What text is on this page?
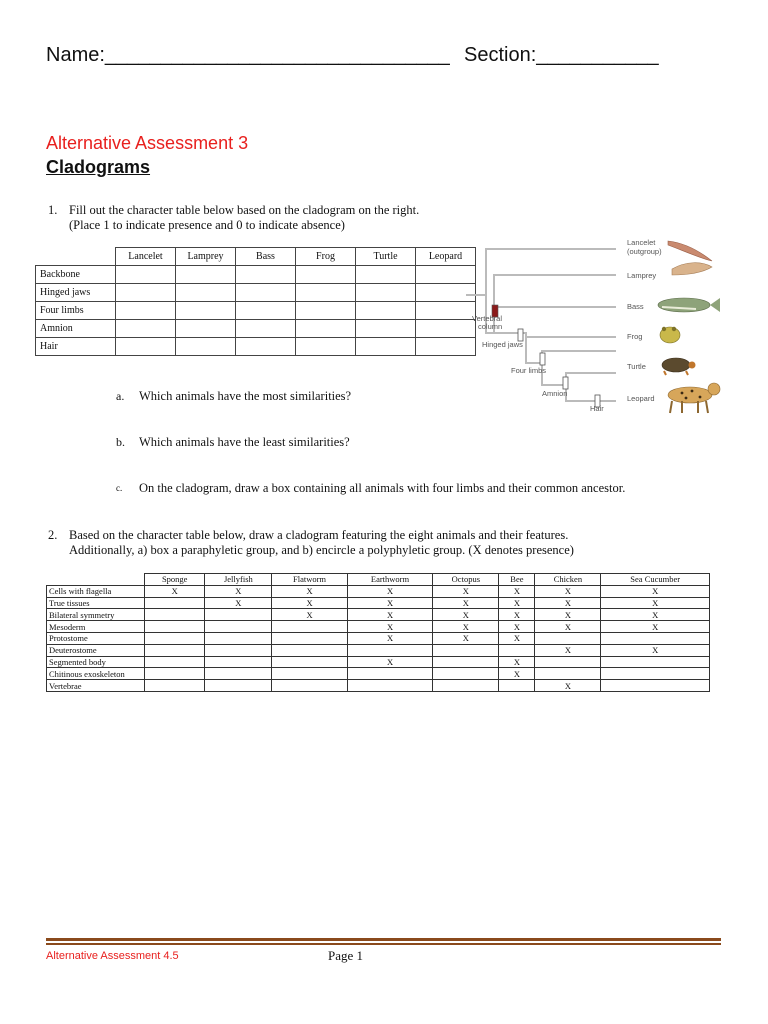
Name:_______________________________ Section:___________
Alternative Assessment 3
Cladograms
1. Fill out the character table below based on the cladogram on the right.
(Place 1 to indicate presence and 0 to indicate absence)
	Lancelet	Lamprey	Bass	Frog	Turtle	Leopard
Backbone						
Hinged jaws						
Four limbs						
Amnion						
Hair						
Lancelet
(outgroup)
Lamprey
Bass
Frog
Turtle
Leopard
Vertebral
column
Hinged jaws
Four limbs
Amnion
Hair
a. Which animals have the most similarities?
b. Which animals have the least similarities?
c. On the cladogram, draw a box containing all animals with four limbs and their common ancestor.
2. Based on the character table below, draw a cladogram featuring the eight animals and their features.
Additionally, a) box a paraphyletic group, and b) encircle a polyphyletic group. (X denotes presence)
	Sponge	Jellyfish	Flatworm	Earthworm	Octopus	Bee	Chicken	Sea Cucumber
Cells with flagella	X	X	X	X	X	X	X	X
True tissues		X	X	X	X	X	X	X
Bilateral symmetry			X	X	X	X	X	X
Mesoderm				X	X	X	X	X
Protostome				X	X	X		
Deuterostome							X	X
Segmented body				X		X		
Chitinous exoskeleton						X		
Vertebrae							X	
Alternative Assessment 4.5	Page 1
